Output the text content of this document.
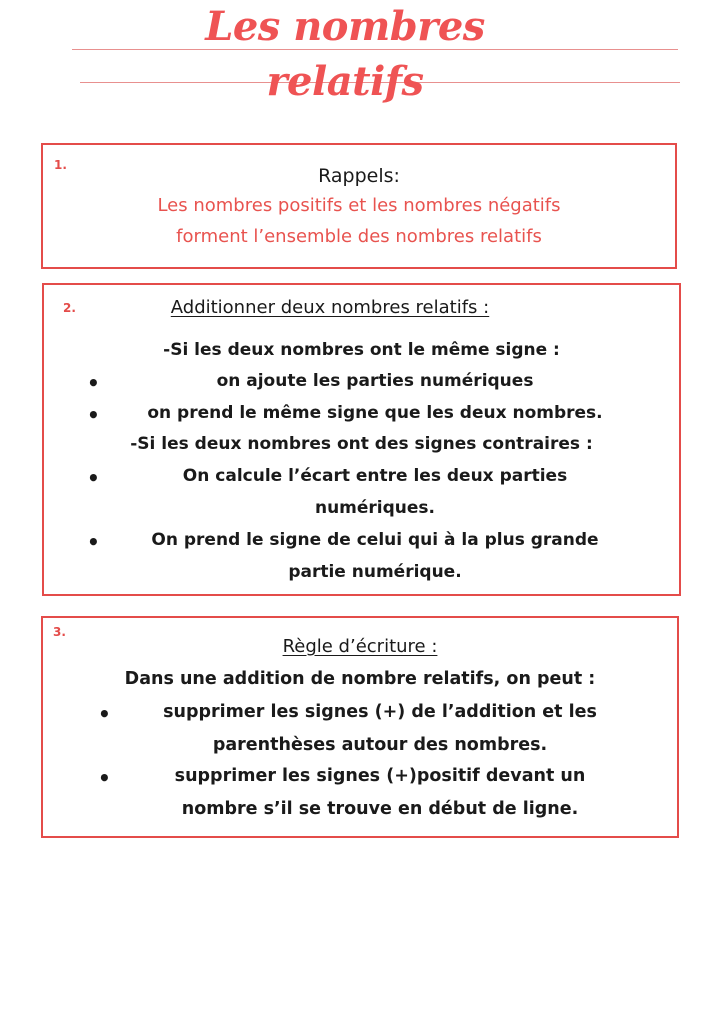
Les nombres
relatifs
1.	Rappels:
Les nombres positifs et les nombres négatifs
forment l’ensemble des nombres relatifs
2.	Additionner deux nombres relatifs :
-Si les deux nombres ont le même signe :
•	on ajoute les parties numériques
•	on prend le même signe que les deux nombres.
-Si les deux nombres ont des signes contraires :
•	On calcule l’écart entre les deux parties
numériques.
•	On prend le signe de celui qui à la plus grande
partie numérique.
3.
Règle d’écriture :
Dans une addition de nombre relatifs, on peut :
•	supprimer les signes (+) de l’addition et les
parenthèses autour des nombres.
•	supprimer les signes (+)positif devant un
nombre s’il se trouve en début de ligne.
